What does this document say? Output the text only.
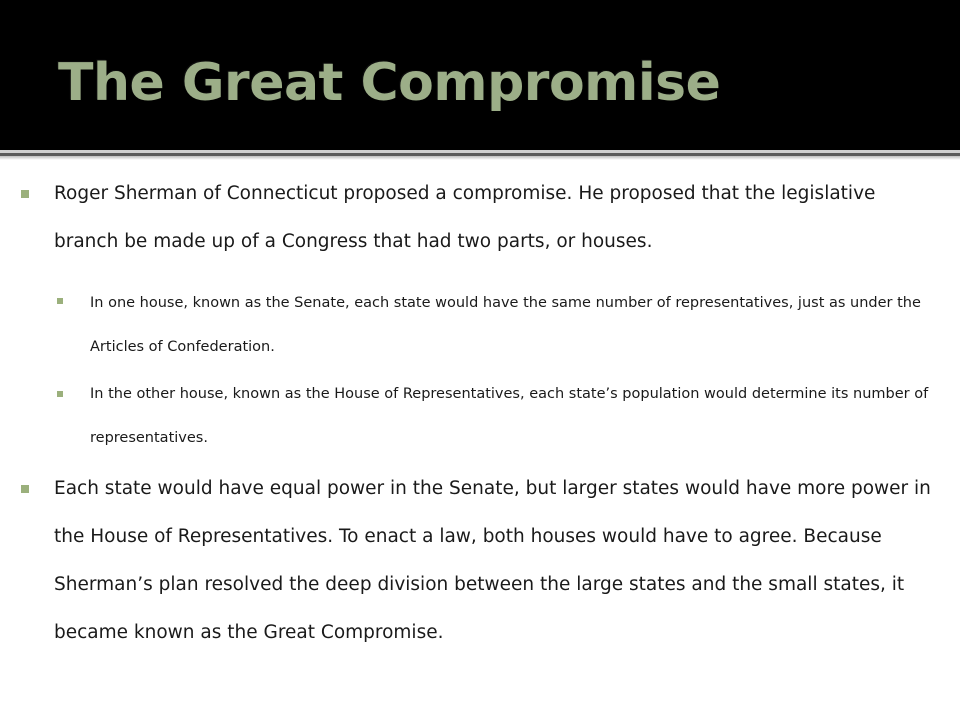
The Great Compromise

Roger Sherman of Connecticut proposed a compromise. He proposed that the legislative branch be made up of a Congress that had two parts, or houses.

In one house, known as the Senate, each state would have the same number of representatives, just as under the Articles of Confederation.

In the other house, known as the House of Representatives, each state’s population would determine its number of representatives.

Each state would have equal power in the Senate, but larger states would have more power in the House of Representatives. To enact a law, both houses would have to agree. Because Sherman’s plan resolved the deep division between the large states and the small states, it became known as the Great Compromise.
